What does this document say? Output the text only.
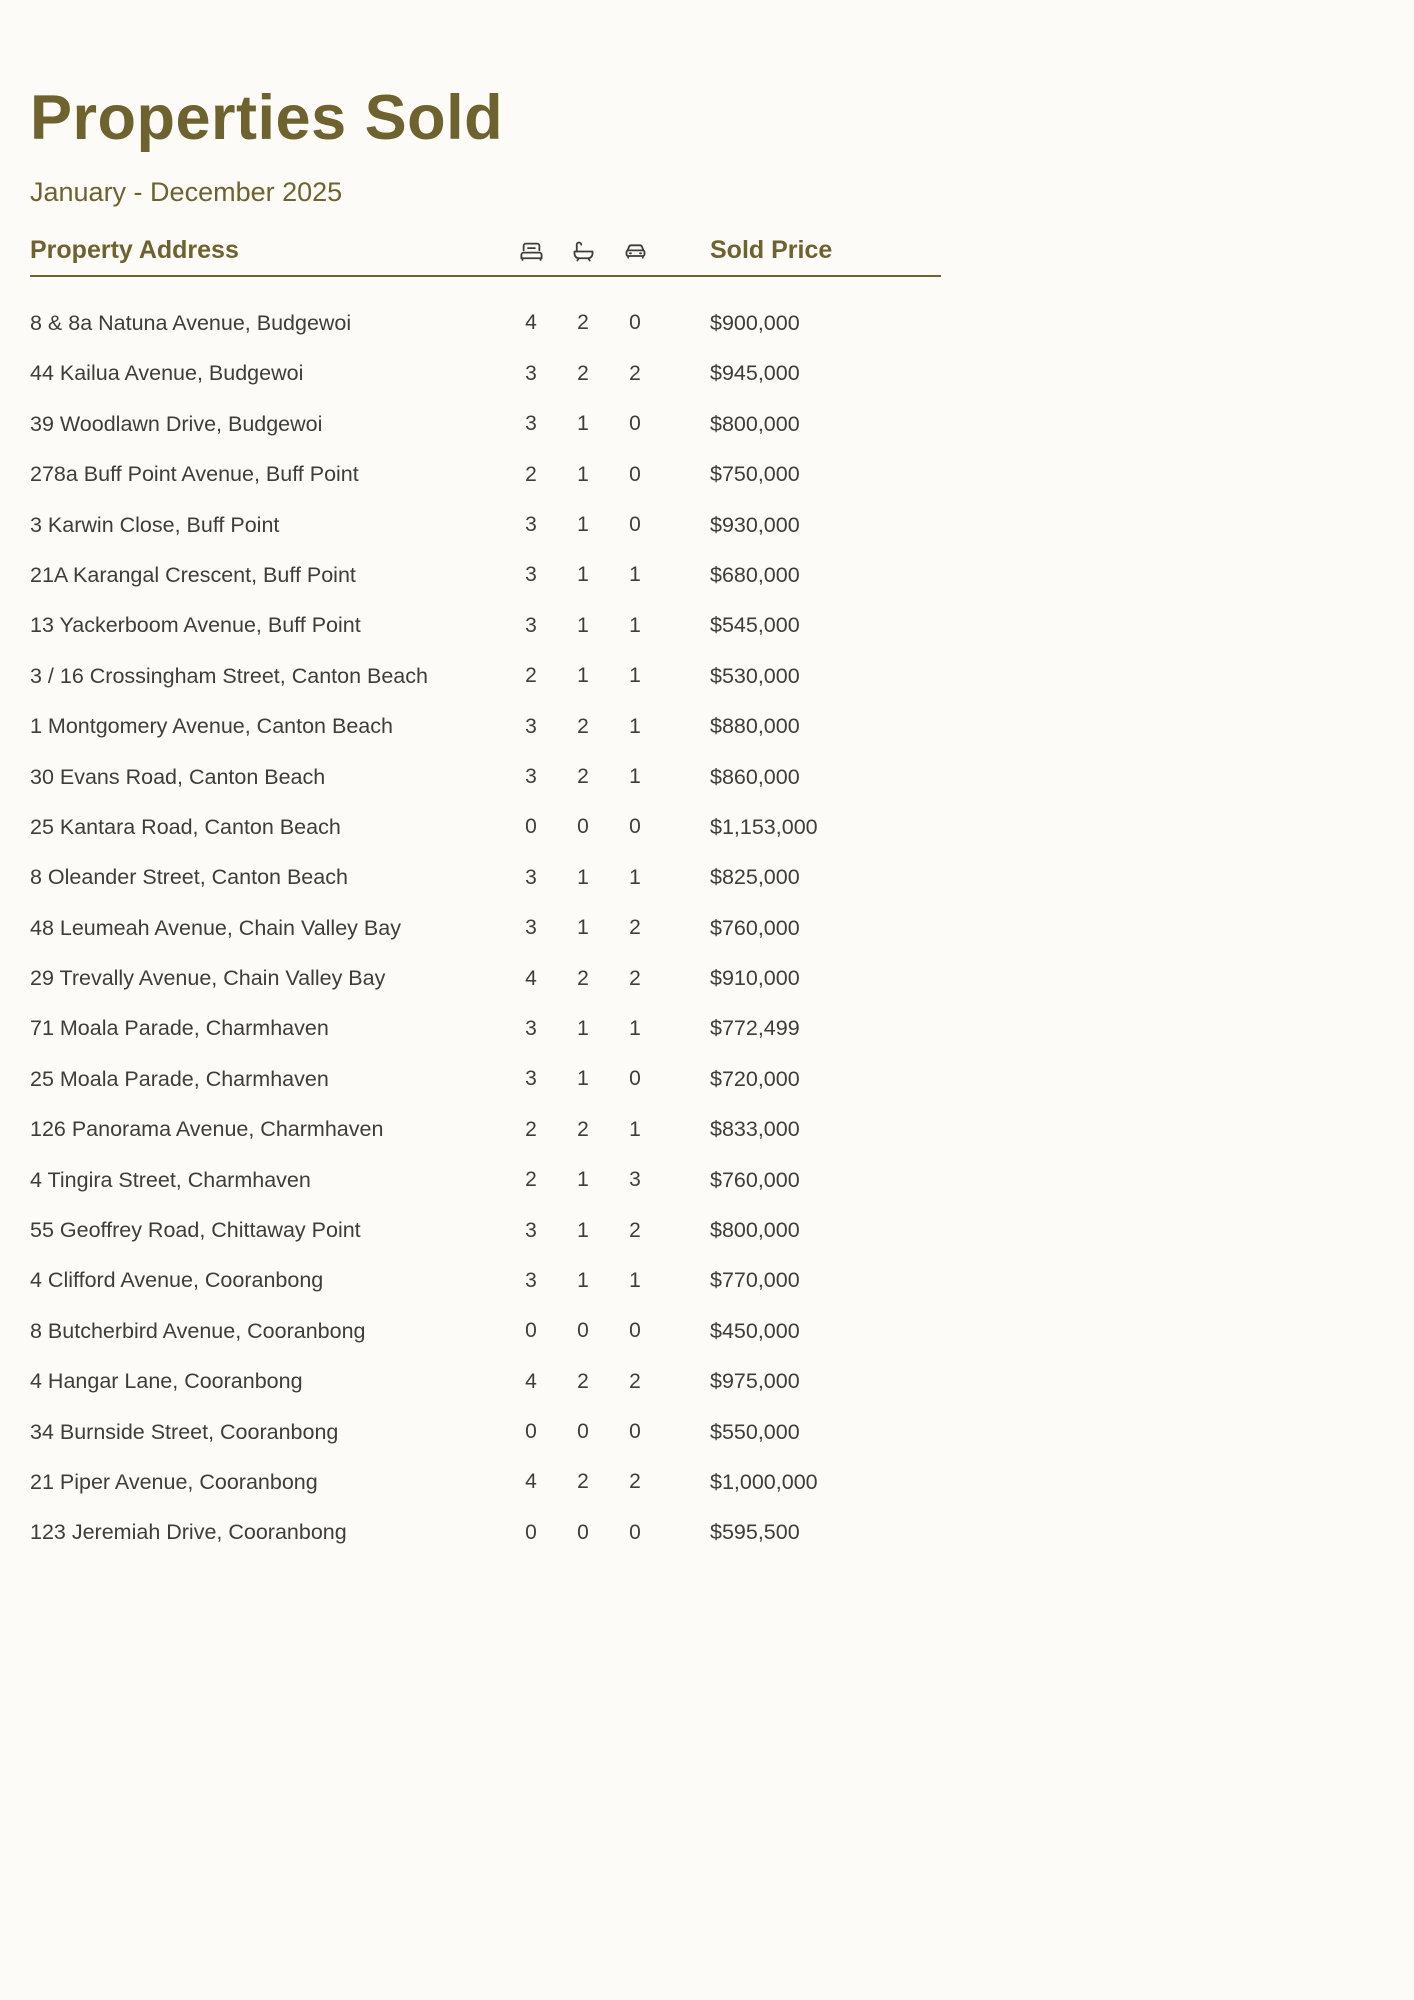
Properties Sold
January - December 2025
Property Address	Sold Price
8 & 8a Natuna Avenue, Budgewoi	4	2	0	$900,000
44 Kailua Avenue, Budgewoi	3	2	2	$945,000
39 Woodlawn Drive, Budgewoi	3	1	0	$800,000
278a Buff Point Avenue, Buff Point	2	1	0	$750,000
3 Karwin Close, Buff Point	3	1	0	$930,000
21A Karangal Crescent, Buff Point	3	1	1	$680,000
13 Yackerboom Avenue, Buff Point	3	1	1	$545,000
3 / 16 Crossingham Street, Canton Beach	2	1	1	$530,000
1 Montgomery Avenue, Canton Beach	3	2	1	$880,000
30 Evans Road, Canton Beach	3	2	1	$860,000
25 Kantara Road, Canton Beach	0	0	0	$1,153,000
8 Oleander Street, Canton Beach	3	1	1	$825,000
48 Leumeah Avenue, Chain Valley Bay	3	1	2	$760,000
29 Trevally Avenue, Chain Valley Bay	4	2	2	$910,000
71 Moala Parade, Charmhaven	3	1	1	$772,499
25 Moala Parade, Charmhaven	3	1	0	$720,000
126 Panorama Avenue, Charmhaven	2	2	1	$833,000
4 Tingira Street, Charmhaven	2	1	3	$760,000
55 Geoffrey Road, Chittaway Point	3	1	2	$800,000
4 Clifford Avenue, Cooranbong	3	1	1	$770,000
8 Butcherbird Avenue, Cooranbong	0	0	0	$450,000
4 Hangar Lane, Cooranbong	4	2	2	$975,000
34 Burnside Street, Cooranbong	0	0	0	$550,000
21 Piper Avenue, Cooranbong	4	2	2	$1,000,000
123 Jeremiah Drive, Cooranbong	0	0	0	$595,500
